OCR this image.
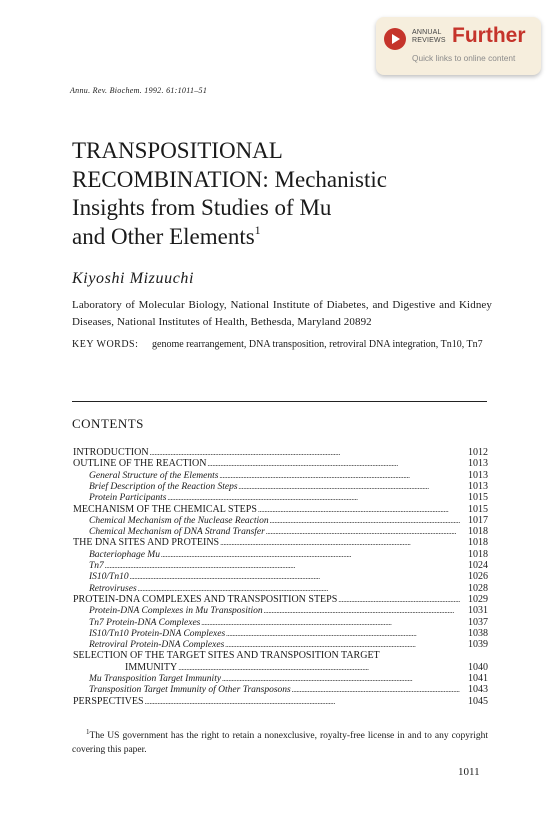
ANNUAL
REVIEWS Further
Quick links to online content
Annu. Rev. Biochem. 1992. 61:1011–51
TRANSPOSITIONAL
RECOMBINATION: Mechanistic
Insights from Studies of Mu
and Other Elements$^1$
Kiyoshi Mizuuchi
Laboratory of Molecular Biology, National Institute of Diabetes, and Digestive and Kidney Diseases, National Institutes of Health, Bethesda, Maryland 20892
KEY WORDS: genome rearrangement, DNA transposition, retroviral DNA integration, Tn10, Tn7
CONTENTS
INTRODUCTION . . .	1012
OUTLINE OF THE REACTION . . .	1013
General Structure of the Elements . . .	1013
Brief Description of the Reaction Steps . . .	1013
Protein Participants . . .	1015
MECHANISM OF THE CHEMICAL STEPS . . .	1015
Chemical Mechanism of the Nuclease Reaction . . .	1017
Chemical Mechanism of DNA Strand Transfer . . .	1018
THE DNA SITES AND PROTEINS . . .	1018
Bacteriophage Mu . . .	1018
Tn7 . . .	1024
IS10/Tn10 . . .	1026
Retroviruses . . .	1028
PROTEIN-DNA COMPLEXES AND TRANSPOSITION STEPS . . .	1029
Protein-DNA Complexes in Mu Transposition . . .	1031
Tn7 Protein-DNA Complexes . . .	1037
IS10/Tn10 Protein-DNA Complexes . . .	1038
Retroviral Protein-DNA Complexes . . .	1039
SELECTION OF THE TARGET SITES AND TRANSPOSITION TARGET
IMMUNITY . . .	1040
Mu Transposition Target Immunity . . .	1041
Transposition Target Immunity of Other Transposons . . .	1043
PERSPECTIVES . . .	1045
$^1$The US government has the right to retain a nonexclusive, royalty-free license in and to any copyright covering this paper.
1011
